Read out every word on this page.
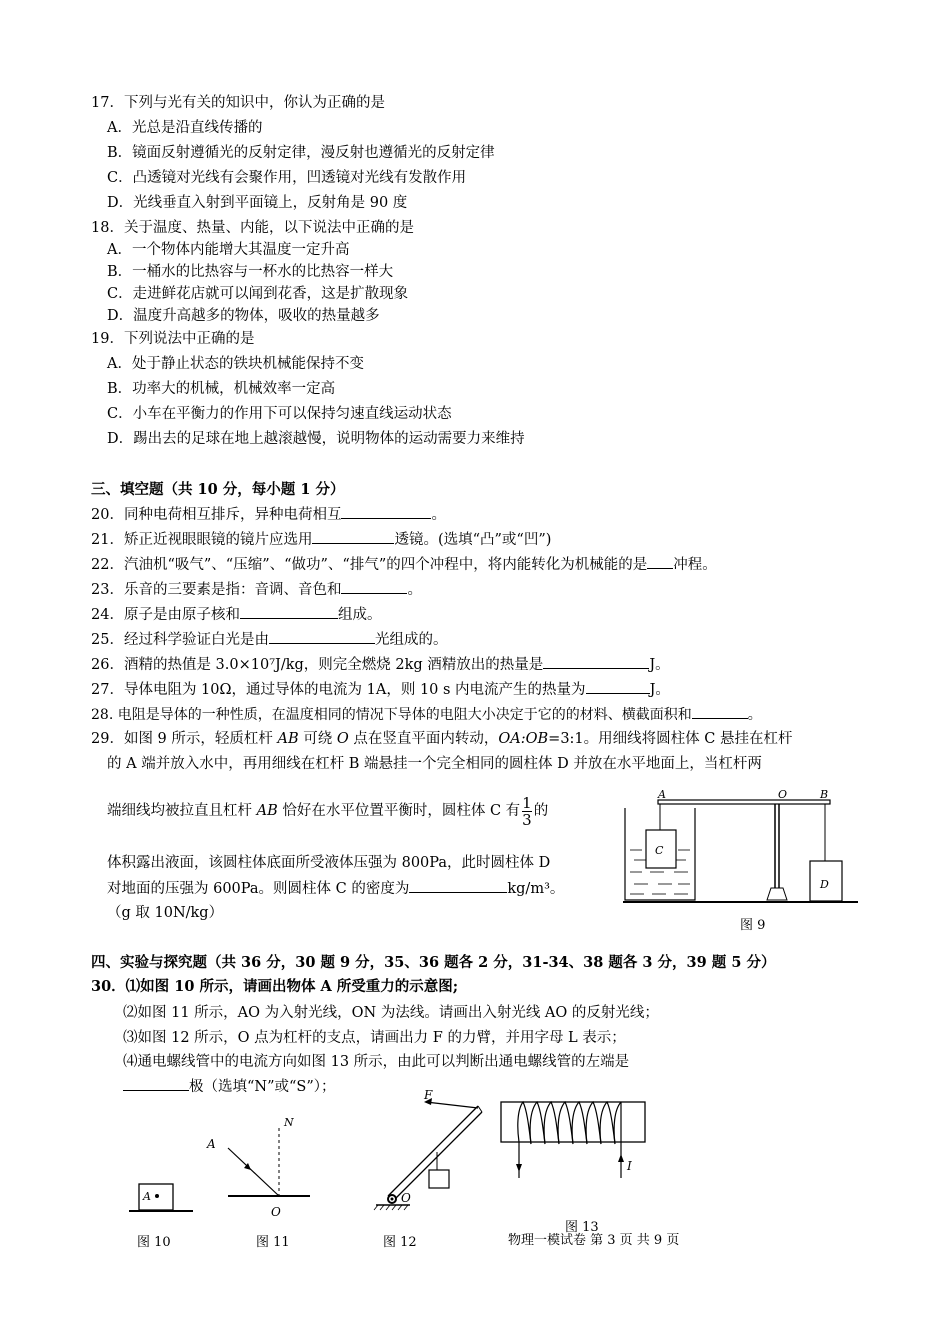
17．下列与光有关的知识中，你认为正确的是
A．光总是沿直线传播的
B．镜面反射遵循光的反射定律，漫反射也遵循光的反射定律
C．凸透镜对光线有会聚作用，凹透镜对光线有发散作用
D．光线垂直入射到平面镜上，反射角是 90 度
18．关于温度、热量、内能，以下说法中正确的是
A．一个物体内能增大其温度一定升高
B．一桶水的比热容与一杯水的比热容一样大
C．走进鲜花店就可以闻到花香，这是扩散现象
D．温度升高越多的物体，吸收的热量越多
19．下列说法中正确的是
A．处于静止状态的铁块机械能保持不变
B．功率大的机械，机械效率一定高
C．小车在平衡力的作用下可以保持匀速直线运动状态
D．踢出去的足球在地上越滚越慢，说明物体的运动需要力来维持
三、填空题（共 10 分，每小题 1 分）
20．同种电荷相互排斥，异种电荷相互	。
21．矫正近视眼眼镜的镜片应选用	透镜。(选填“凸”或“凹”)
22．汽油机“吸气”、“压缩”、“做功”、“排气”的四个冲程中，将内能转化为机械能的是 冲程。
23．乐音的三要素是指：音调、音色和	。
24．原子是由原子核和	组成。
25．经过科学验证白光是由	光组成的。
26．酒精的热值是 3.0×10⁷J/kg，则完全燃烧 2kg 酒精放出的热量是	J。
27．导体电阻为 10Ω，通过导体的电流为 1A，则 10 s 内电流产生的热量为	J。
28. 电阻是导体的一种性质，在温度相同的情况下导体的电阻大小决定于它的的材料、横截面积和	。
29．如图 9 所示，轻质杠杆 AB 可绕 O 点在竖直平面内转动，OA:OB=3:1。用细线将圆柱体 C 悬挂在杠杆
的 A 端并放入水中，再用细线在杠杆 B 端悬挂一个完全相同的圆柱体 D 并放在水平地面上，当杠杆两
端细线均被拉直且杠杆 AB 恰好在水平位置平衡时，圆柱体 C 有 $\frac{1}{3}$ 的
体积露出液面，该圆柱体底面所受液体压强为 800Pa，此时圆柱体 D
对地面的压强为 600Pa。则圆柱体 C 的密度为	kg/m³。
（g 取 10N/kg）
A	O	B
C
D
图 9
四、实验与探究题（共 36 分，30 题 9 分，35、36 题各 2 分，31-34、38 题各 3 分，39 题 5 分）
30．⑴如图 10 所示，请画出物体 A 所受重力的示意图;
⑵如图 11 所示，AO 为入射光线，ON 为法线。请画出入射光线 AO 的反射光线；
⑶如图 12 所示，O 点为杠杆的支点，请画出力 F 的力臂，并用字母 L 表示；
⑷通电螺线管中的电流方向如图 13 所示，由此可以判断出通电螺线管的左端是
极（选填“N”或“S”）；
A
图 10
N
A
O
图 11
F
O
图 12
I
图 13
物理一模试卷 第 3 页 共 9 页
